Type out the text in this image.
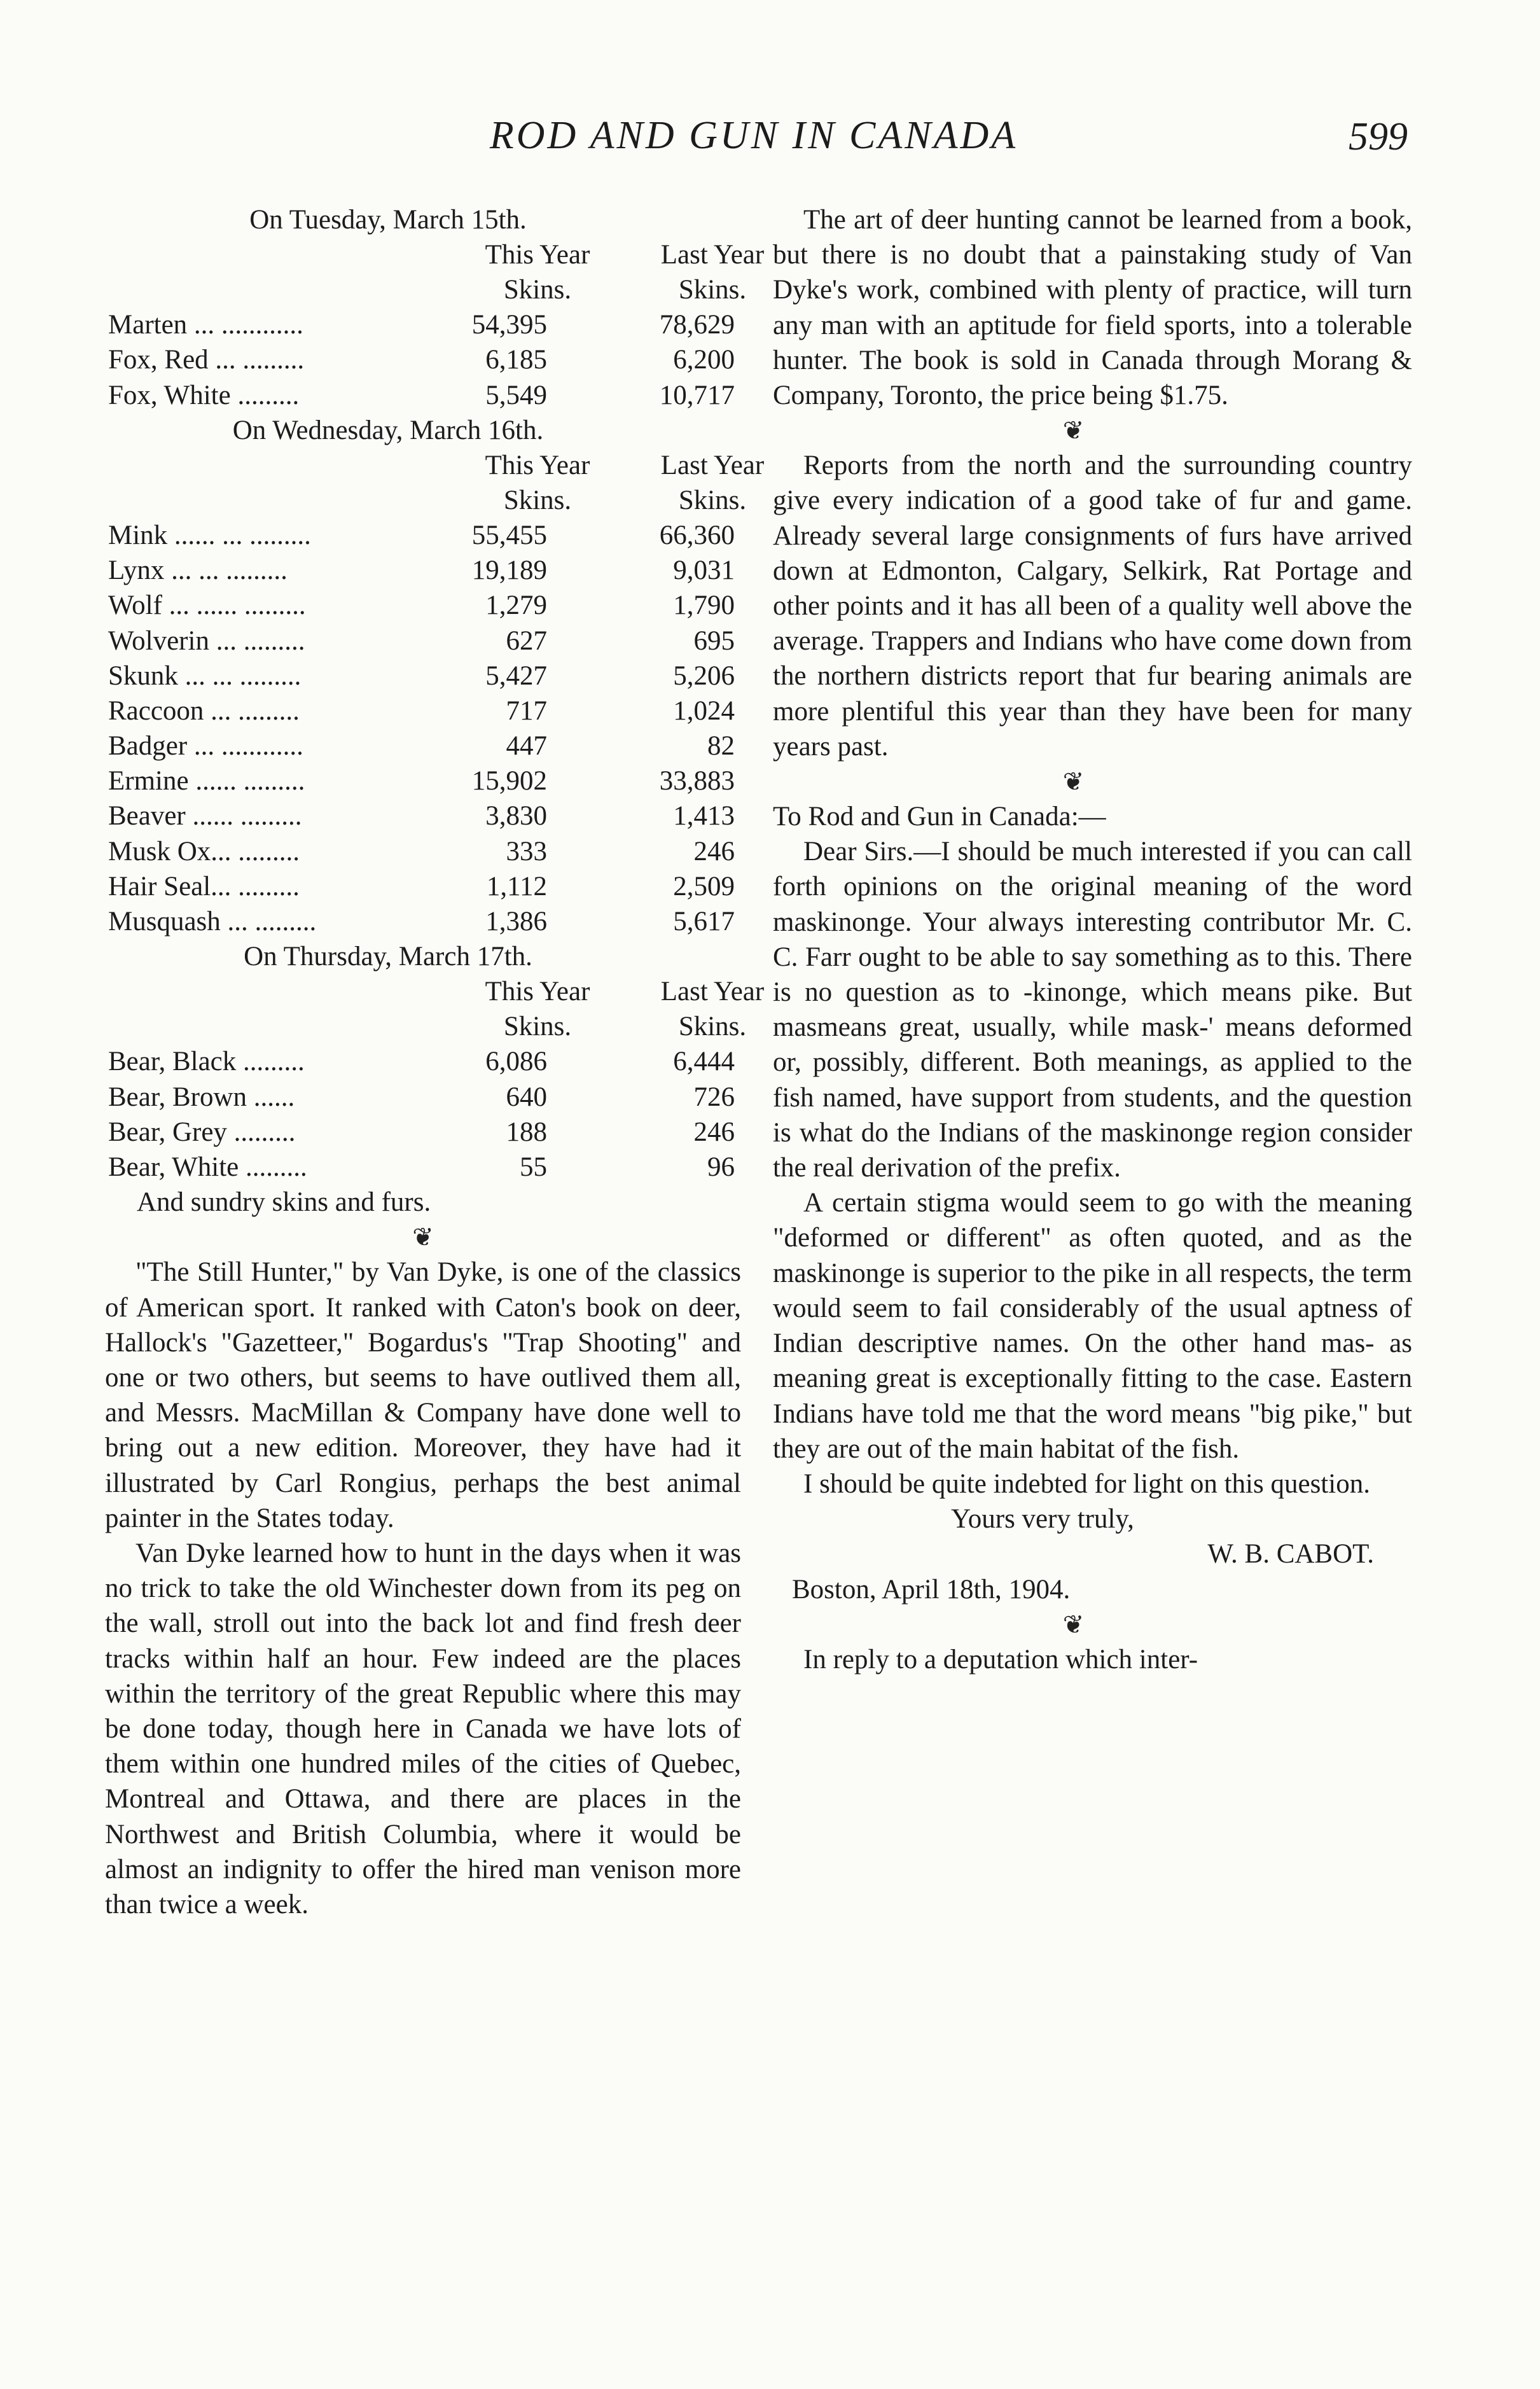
ROD AND GUN IN CANADA	599
On Tuesday, March 15th.
This Year	Last Year
Skins.	Skins.
Marten ... ............	54,395	78,629
Fox, Red ... .........	6,185	6,200
Fox, White .........	5,549	10,717
On Wednesday, March 16th.
This Year	Last Year
Skins.	Skins.
Mink ...... ... .........	55,455	66,360
Lynx ... ... .........	19,189	9,031
Wolf ... ...... .........	1,279	1,790
Wolverin ... .........	627	695
Skunk ... ... .........	5,427	5,206
Raccoon ... .........	717	1,024
Badger ... ............	447	82
Ermine ...... .........	15,902	33,883
Beaver ...... .........	3,830	1,413
Musk Ox... .........	333	246
Hair Seal... .........	1,112	2,509
Musquash ... .........	1,386	5,617
On Thursday, March 17th.
This Year	Last Year
Skins.	Skins.
Bear, Black .........	6,086	6,444
Bear, Brown ......	640	726
Bear, Grey .........	188	246
Bear, White .........	55	96
And sundry skins and furs.
❦

"The Still Hunter," by Van Dyke, is one of the classics of American sport. It ranked with Caton's book on deer, Hallock's "Gazetteer," Bogardus's "Trap Shooting" and one or two others, but seems to have outlived them all, and Messrs. MacMillan & Company have done well to bring out a new edition. Moreover, they have had it illustrated by Carl Rongius, perhaps the best animal painter in the States today.

Van Dyke learned how to hunt in the days when it was no trick to take the old Winchester down from its peg on the wall, stroll out into the back lot and find fresh deer tracks within half an hour. Few indeed are the places within the territory of the great Republic where this may be done today, though here in Canada we have lots of them within one hundred miles of the cities of Quebec, Montreal and Ottawa, and there are places in the Northwest and British Columbia, where it would be almost an indignity to offer the hired man venison more than twice a week.

The art of deer hunting cannot be learned from a book, but there is no doubt that a painstaking study of Van Dyke's work, combined with plenty of practice, will turn any man with an aptitude for field sports, into a tolerable hunter. The book is sold in Canada through Morang & Company, Toronto, the price being $1.75.

❦

Reports from the north and the surrounding country give every indication of a good take of fur and game. Already several large consignments of furs have arrived down at Edmonton, Calgary, Selkirk, Rat Portage and other points and it has all been of a quality well above the average. Trappers and Indians who have come down from the northern districts report that fur bearing animals are more plentiful this year than they have been for many years past.

❦
To Rod and Gun in Canada:—

Dear Sirs.—I should be much interested if you can call forth opinions on the original meaning of the word maskinonge. Your always interesting contributor Mr. C. C. Farr ought to be able to say something as to this. There is no question as to -kinonge, which means pike. But masmeans great, usually, while mask-' means deformed or, possibly, different. Both meanings, as applied to the fish named, have support from students, and the question is what do the Indians of the maskinonge region consider the real derivation of the prefix.

A certain stigma would seem to go with the meaning "deformed or different" as often quoted, and as the maskinonge is superior to the pike in all respects, the term would seem to fail considerably of the usual aptness of Indian descriptive names. On the other hand mas- as meaning great is exceptionally fitting to the case. Eastern Indians have told me that the word means "big pike," but they are out of the main habitat of the fish.

I should be quite indebted for light on this question.

Yours very truly,
W. B. CABOT.
Boston, April 18th, 1904.
❦

In reply to a deputation which inter-
